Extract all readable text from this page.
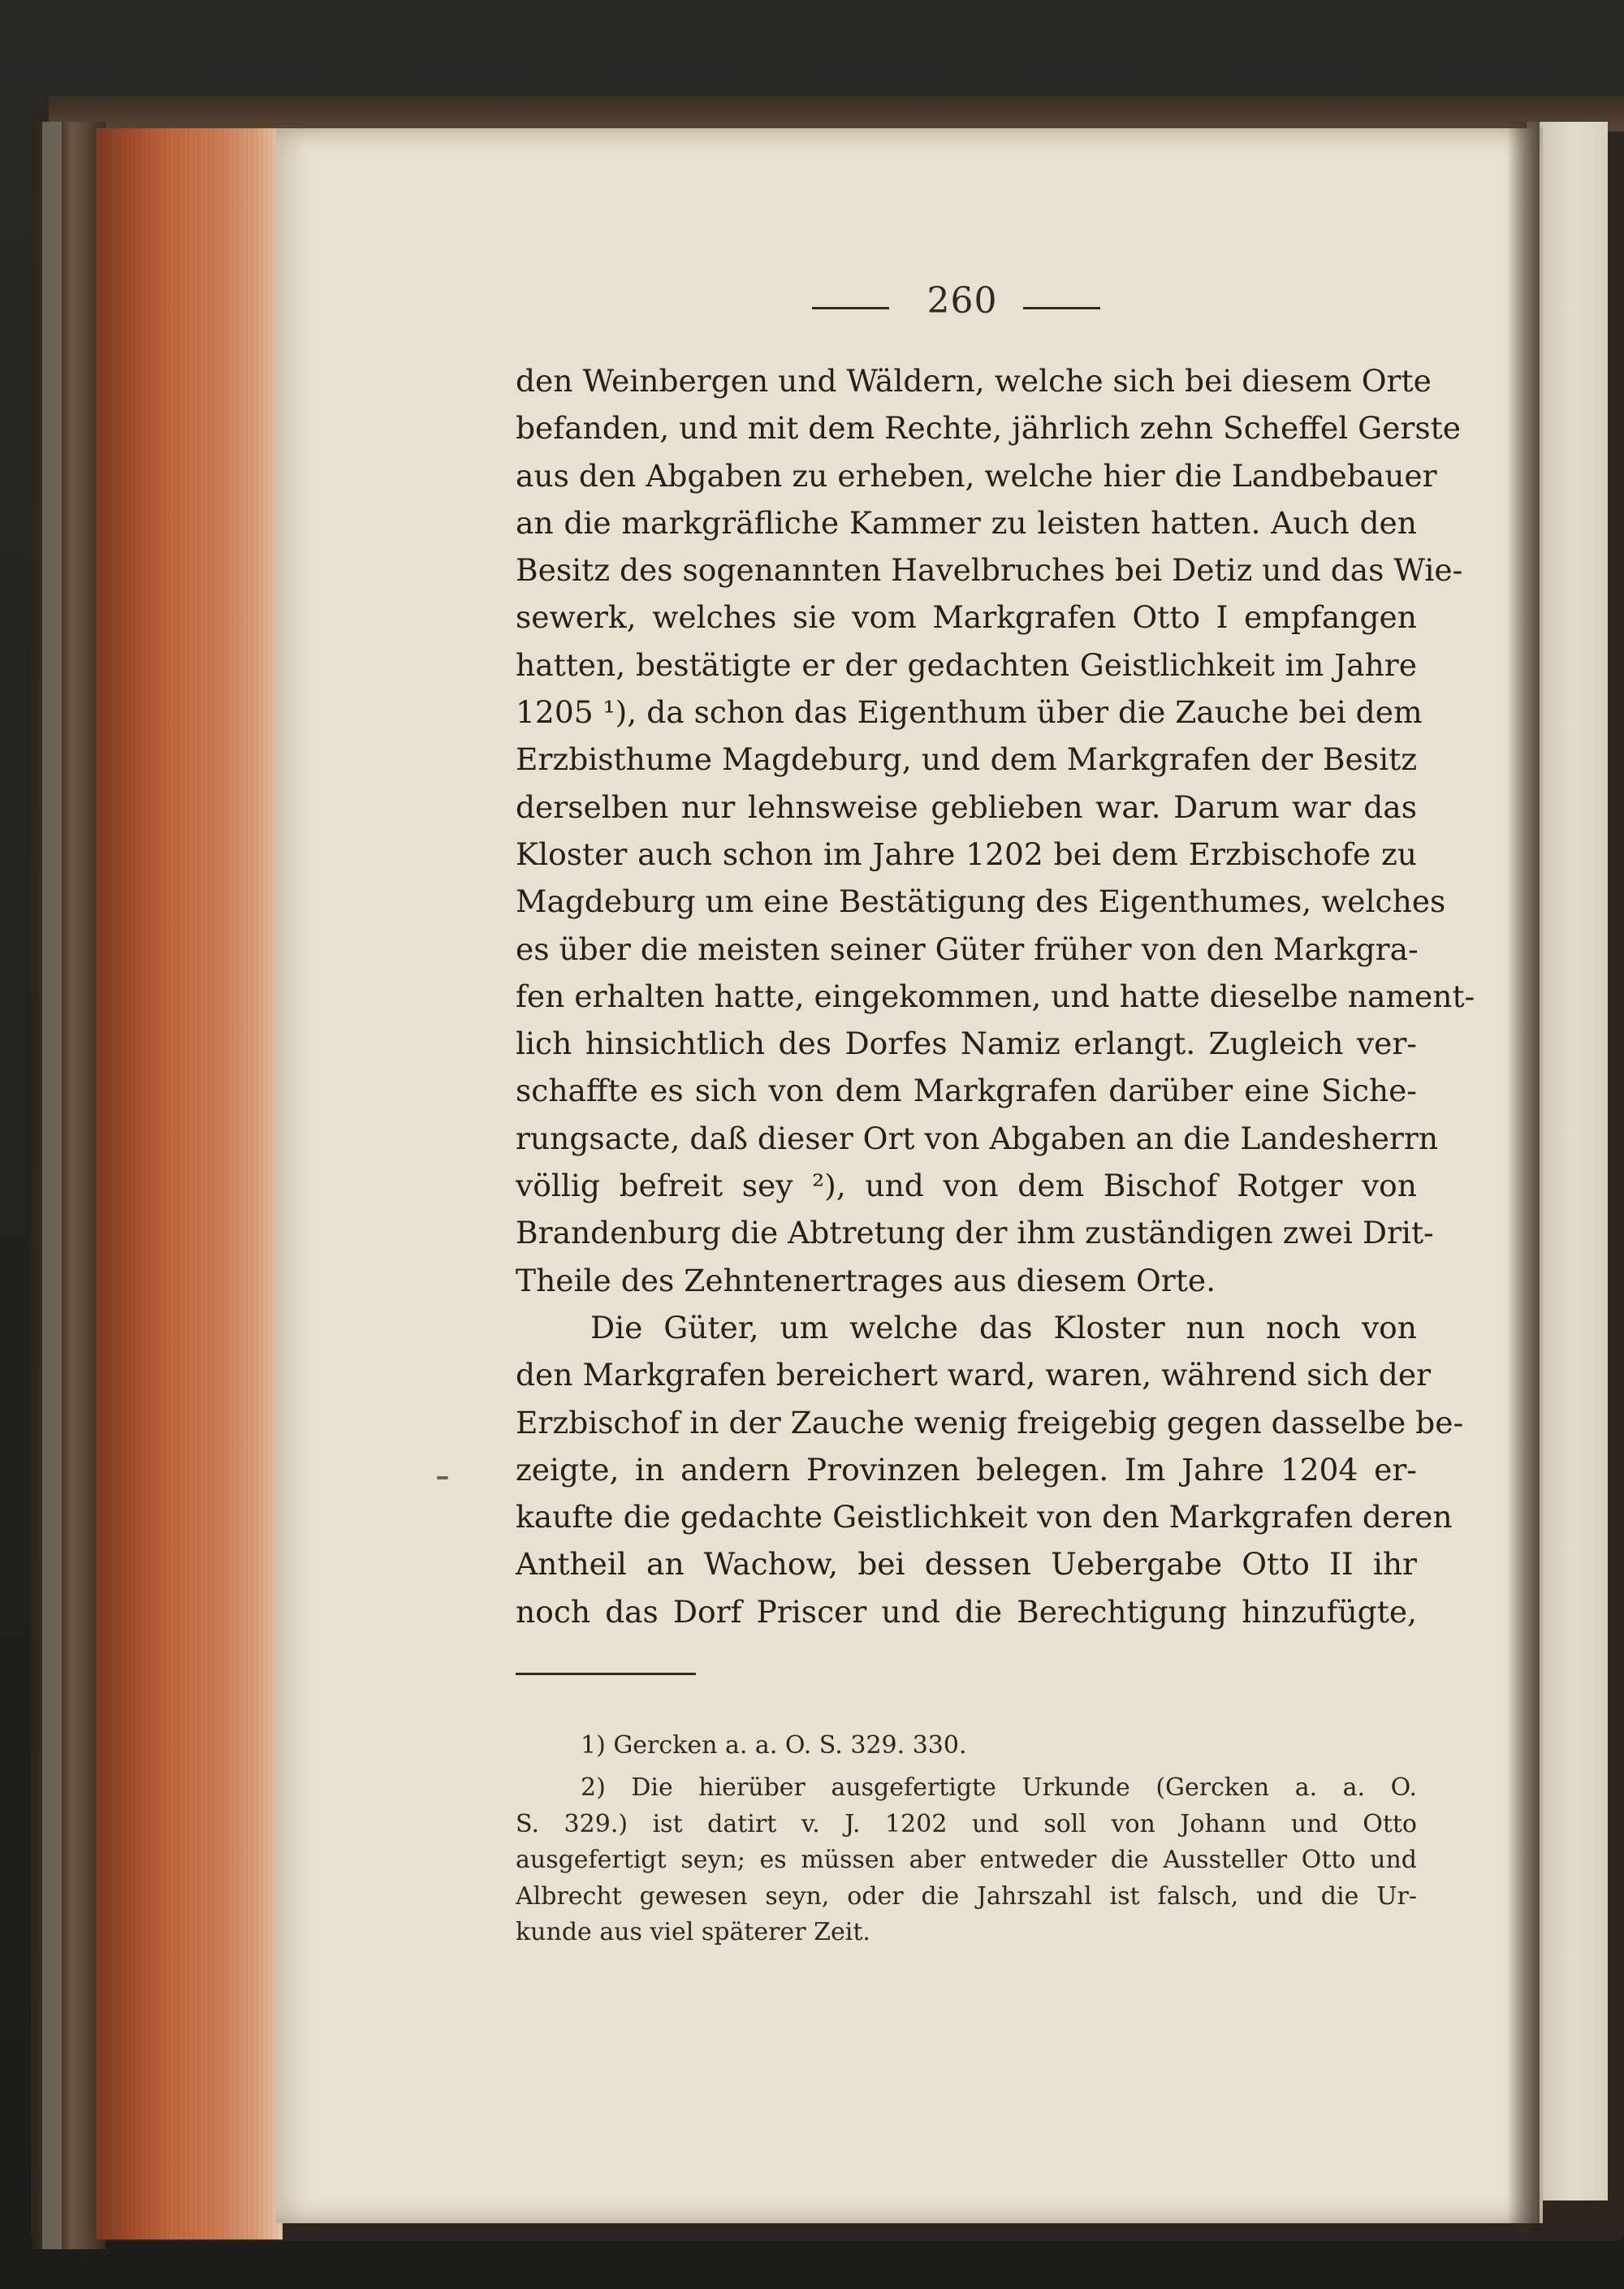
260
den Weinbergen und Wäldern, welche sich bei diesem Orte
befanden, und mit dem Rechte, jährlich zehn Scheffel Gerste
aus den Abgaben zu erheben, welche hier die Landbebauer
an die markgräfliche Kammer zu leisten hatten. Auch den
Besitz des sogenannten Havelbruches bei Detiz und das Wie-
sewerk, welches sie vom Markgrafen Otto I empfangen
hatten, bestätigte er der gedachten Geistlichkeit im Jahre
1205 ¹), da schon das Eigenthum über die Zauche bei dem
Erzbisthume Magdeburg, und dem Markgrafen der Besitz
derselben nur lehnsweise geblieben war. Darum war das
Kloster auch schon im Jahre 1202 bei dem Erzbischofe zu
Magdeburg um eine Bestätigung des Eigenthumes, welches
es über die meisten seiner Güter früher von den Markgra-
fen erhalten hatte, eingekommen, und hatte dieselbe nament-
lich hinsichtlich des Dorfes Namiz erlangt. Zugleich ver-
schaffte es sich von dem Markgrafen darüber eine Siche-
rungsacte, daß dieser Ort von Abgaben an die Landesherrn
völlig befreit sey ²), und von dem Bischof Rotger von
Brandenburg die Abtretung der ihm zuständigen zwei Drit-
Theile des Zehntenertrages aus diesem Orte.
Die Güter, um welche das Kloster nun noch von
den Markgrafen bereichert ward, waren, während sich der
Erzbischof in der Zauche wenig freigebig gegen dasselbe be-
zeigte, in andern Provinzen belegen. Im Jahre 1204 er-
kaufte die gedachte Geistlichkeit von den Markgrafen deren
Antheil an Wachow, bei dessen Uebergabe Otto II ihr
noch das Dorf Priscer und die Berechtigung hinzufügte,
1) Gercken a. a. O. S. 329. 330.
2) Die hierüber ausgefertigte Urkunde (Gercken a. a. O.
S. 329.) ist datirt v. J. 1202 und soll von Johann und Otto
ausgefertigt seyn; es müssen aber entweder die Aussteller Otto und
Albrecht gewesen seyn, oder die Jahrszahl ist falsch, und die Ur-
kunde aus viel späterer Zeit.
